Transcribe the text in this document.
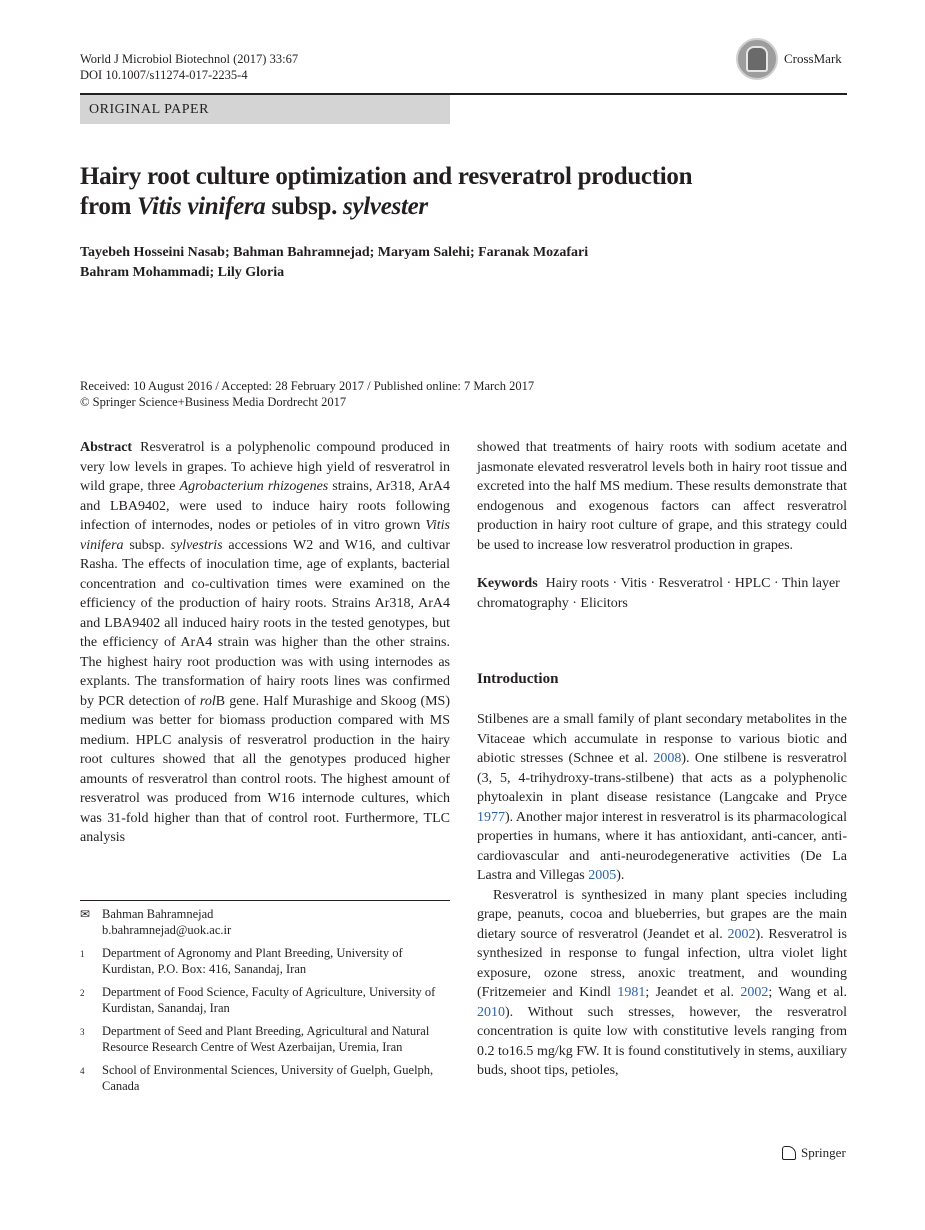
World J Microbiol Biotechnol (2017) 33:67
DOI 10.1007/s11274-017-2235-4
CrossMark
ORIGINAL PAPER
Hairy root culture optimization and resveratrol production
from Vitis vinifera subsp. sylvester
Tayebeh Hosseini Nasab; Bahman Bahramnejad; Maryam Salehi; Faranak Mozafari
Bahram Mohammadi; Lily Gloria
Received: 10 August 2016 / Accepted: 28 February 2017 / Published online: 7 March 2017
© Springer Science+Business Media Dordrecht 2017

Abstract Resveratrol is a polyphenolic compound produced in very low levels in grapes. To achieve high yield of resveratrol in wild grape, three Agrobacterium rhizogenes strains, Ar318, ArA4 and LBA9402, were used to induce hairy roots following infection of internodes, nodes or petioles of in vitro grown Vitis vinifera subsp. sylvestris accessions W2 and W16, and cultivar Rasha. The effects of inoculation time, age of explants, bacterial concentration and co-cultivation times were examined on the efficiency of the production of hairy roots. Strains Ar318, ArA4 and LBA9402 all induced hairy roots in the tested genotypes, but the efficiency of ArA4 strain was higher than the other strains. The highest hairy root production was with using internodes as explants. The transformation of hairy roots lines was confirmed by PCR detection of rolB gene. Half Murashige and Skoog (MS) medium was better for biomass production compared with MS medium. HPLC analysis of resveratrol production in the hairy root cultures showed that all the genotypes produced higher amounts of resveratrol than control roots. The highest amount of resveratrol was produced from W16 internode cultures, which was 31-fold higher than that of control root. Furthermore, TLC analysis

showed that treatments of hairy roots with sodium acetate and jasmonate elevated resveratrol levels both in hairy root tissue and excreted into the half MS medium. These results demonstrate that endogenous and exogenous factors can affect resveratrol production in hairy root culture of grape, and this strategy could be used to increase low resveratrol production in grapes.

Keywords Hairy roots · Vitis · Resveratrol · HPLC · Thin layer chromatography · Elicitors

Introduction

Stilbenes are a small family of plant secondary metabolites in the Vitaceae which accumulate in response to various biotic and abiotic stresses (Schnee et al. 2008). One stilbene is resveratrol (3, 5, 4-trihydroxy-trans-stilbene) that acts as a polyphenolic phytoalexin in plant disease resistance (Langcake and Pryce 1977). Another major interest in resveratrol is its pharmacological properties in humans, where it has antioxidant, anti-cancer, anti-cardiovascular and anti-neurodegenerative activities (De La Lastra and Villegas 2005).

Resveratrol is synthesized in many plant species including grape, peanuts, cocoa and blueberries, but grapes are the main dietary source of resveratrol (Jeandet et al. 2002). Resveratrol is synthesized in response to fungal infection, ultra violet light exposure, ozone stress, anoxic treatment, and wounding (Fritzemeier and Kindl 1981; Jeandet et al. 2002; Wang et al. 2010). Without such stresses, however, the resveratrol concentration is quite low with constitutive levels ranging from 0.2 to16.5 mg/kg FW. It is found constitutively in stems, auxiliary buds, shoot tips, petioles,

✉ Bahman Bahramnejad
b.bahramnejad@uok.ac.ir
1	Department of Agronomy and Plant Breeding, University of Kurdistan, P.O. Box: 416, Sanandaj, Iran
2	Department of Food Science, Faculty of Agriculture, University of Kurdistan, Sanandaj, Iran
3	Department of Seed and Plant Breeding, Agricultural and Natural Resource Research Centre of West Azerbaijan, Uremia, Iran
4	School of Environmental Sciences, University of Guelph, Guelph, Canada
Springer
